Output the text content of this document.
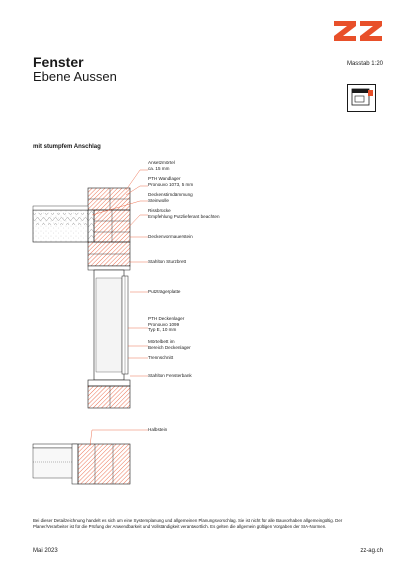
Fenster
Ebene Aussen
Masstab 1:20
mit stumpfem Anschlag
Ansetzmörtel
ca. 15 mm
PTH Wandlager
Pronouvo 1073, 5 mm
Deckenstirndämmung
Steinwolle
Rissbrücke
Empfehlung Putzlieferant beachten
Deckenvormauerstein
Stahlton Sturzbrett
Putzträgerplatte
PTH Deckenlager
Pronouvo 1099
Typ E, 10 mm
Mörtelbett im
Bereich Deckenlager
Trennschnitt
Stahlton Fensterbank
Halbstein
Bei dieser Detailzeichnung handelt es sich um eine Systemplanung und allgemeinen Planungsvorschlag. Sie ist nicht für alle Bauvorhaben allgemeingültig. Der Planer/Verarbeiter ist für die Prüfung der Anwendbarkeit und Vollständigkeit verantwortlich. Es gelten die allgemein gültigen Vorgaben der SIA-Normen.
Mai 2023	zz-ag.ch
